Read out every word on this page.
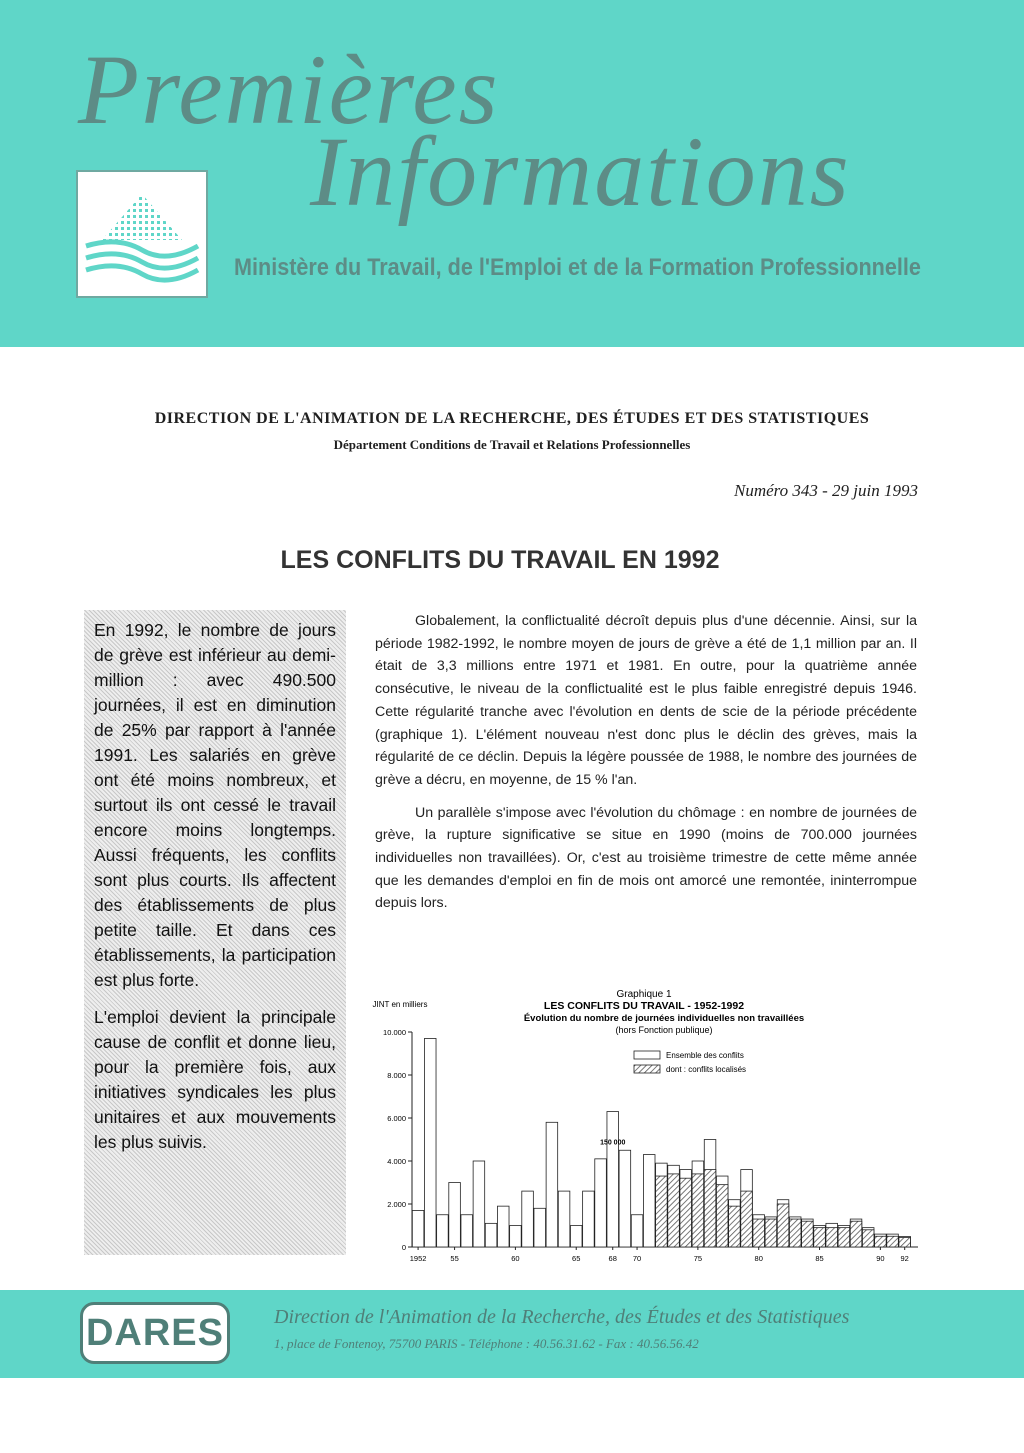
Premières
Informations
Ministère du Travail, de l'Emploi et de la Formation Professionnelle
DIRECTION DE L'ANIMATION DE LA RECHERCHE, DES ÉTUDES ET DES STATISTIQUES
Département Conditions de Travail et Relations Professionnelles
Numéro 343 - 29 juin 1993
LES CONFLITS DU TRAVAIL EN 1992

En 1992, le nombre de jours de grève est inférieur au demi-million : avec 490.500 journées, il est en diminution de 25% par rapport à l'année 1991. Les salariés en grève ont été moins nombreux, et surtout ils ont cessé le travail encore moins longtemps. Aussi fréquents, les conflits sont plus courts. Ils affectent des établissements de plus petite taille. Et dans ces établissements, la participation est plus forte.

L'emploi devient la principale cause de conflit et donne lieu, pour la première fois, aux initiatives syndicales les plus unitaires et aux mouvements les plus suivis.

Globalement, la conflictualité décroît depuis plus d'une décennie. Ainsi, sur la période 1982-1992, le nombre moyen de jours de grève a été de 1,1 million par an. Il était de 3,3 millions entre 1971 et 1981. En outre, pour la quatrième année consécutive, le niveau de la conflictualité est le plus faible enregistré depuis 1946. Cette régularité tranche avec l'évolution en dents de scie de la période précédente (graphique 1). L'élément nouveau n'est donc plus le déclin des grèves, mais la régularité de ce déclin. Depuis la légère poussée de 1988, le nombre des journées de grève a décru, en moyenne, de 15 % l'an.

Un parallèle s'impose avec l'évolution du chômage : en nombre de journées de grève, la rupture significative se situe en 1990 (moins de 700.000 journées individuelles non travaillées). Or, c'est au troisième trimestre de cette même année que les demandes d'emploi en fin de mois ont amorcé une remontée, ininterrompue depuis lors.

Graphique 1
LES CONFLITS DU TRAVAIL - 1952-1992
Évolution du nombre de journées individuelles non travaillées
(hors Fonction publique)
JINT en milliers
0
2.000
4.000
6.000
8.000
10.000
1952	55	60	65	68 70	75	80	85	90 92
150 000
Ensemble des conflits
dont : conflits localisés
DARES Direction de l'Animation de la Recherche, des Études et des Statistiques
1, place de Fontenoy, 75700 PARIS - Téléphone : 40.56.31.62 - Fax : 40.56.56.42
